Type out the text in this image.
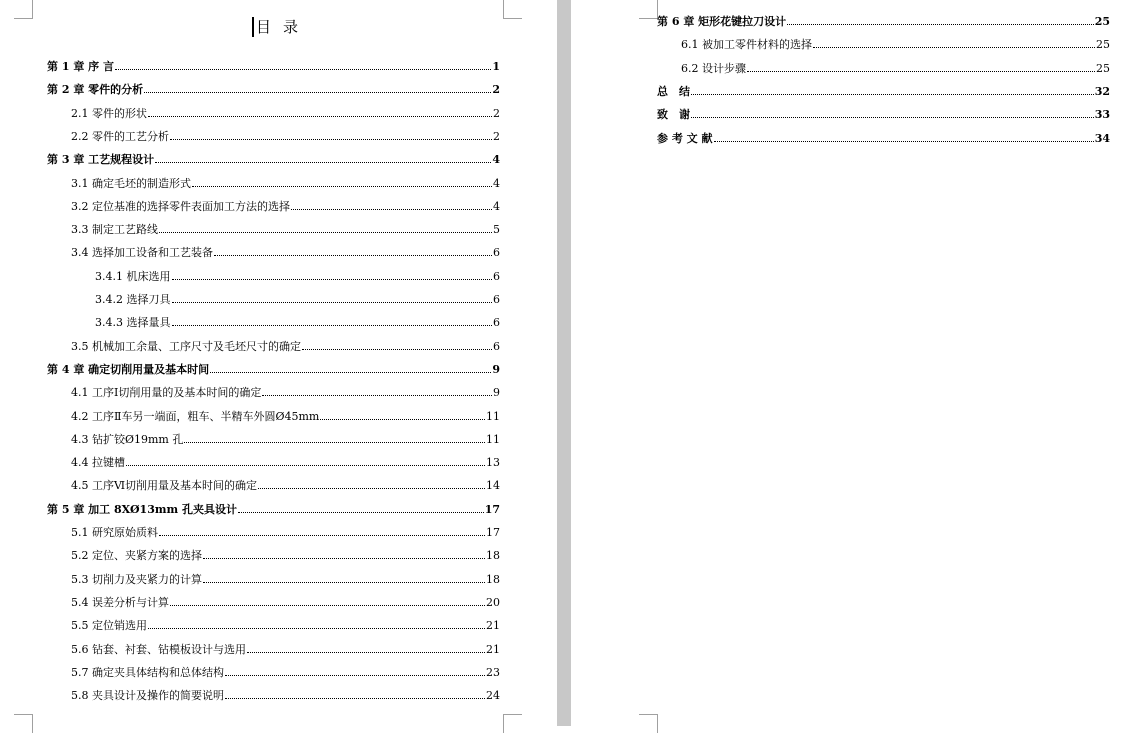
目录
第 1 章 序 言	1
第 2 章 零件的分析	2
2.1 零件的形状	2
2.2 零件的工艺分析	2
第 3 章 工艺规程设计	4
3.1 确定毛坯的制造形式	4
3.2 定位基准的选择零件表面加工方法的选择	4
3.3 制定工艺路线	5
3.4 选择加工设备和工艺装备	6
3.4.1 机床选用	6
3.4.2 选择刀具	6
3.4.3 选择量具	6
3.5 机械加工余量、工序尺寸及毛坯尺寸的确定	6
第 4 章 确定切削用量及基本时间	9
4.1 工序Ⅰ切削用量的及基本时间的确定	9
4.2 工序Ⅱ车另一端面，粗车、半精车外圆Ø45mm	11
4.3 钻扩铰Ø19mm 孔	11
4.4 拉键槽	13
4.5 工序Ⅵ切削用量及基本时间的确定	14
第 5 章 加工 8XØ13mm 孔夹具设计	17
5.1 研究原始质料	17
5.2 定位、夹紧方案的选择	18
5.3 切削力及夹紧力的计算	18
5.4 误差分析与计算	20
5.5 定位销选用	21
5.6 钻套、衬套、钻模板设计与选用	21
5.7 确定夹具体结构和总体结构	23
5.8 夹具设计及操作的简要说明	24
第 6 章 矩形花键拉刀设计	25
6.1 被加工零件材料的选择	25
6.2 设计步骤	25
总　结	32
致　谢	33
参 考 文 献	34
